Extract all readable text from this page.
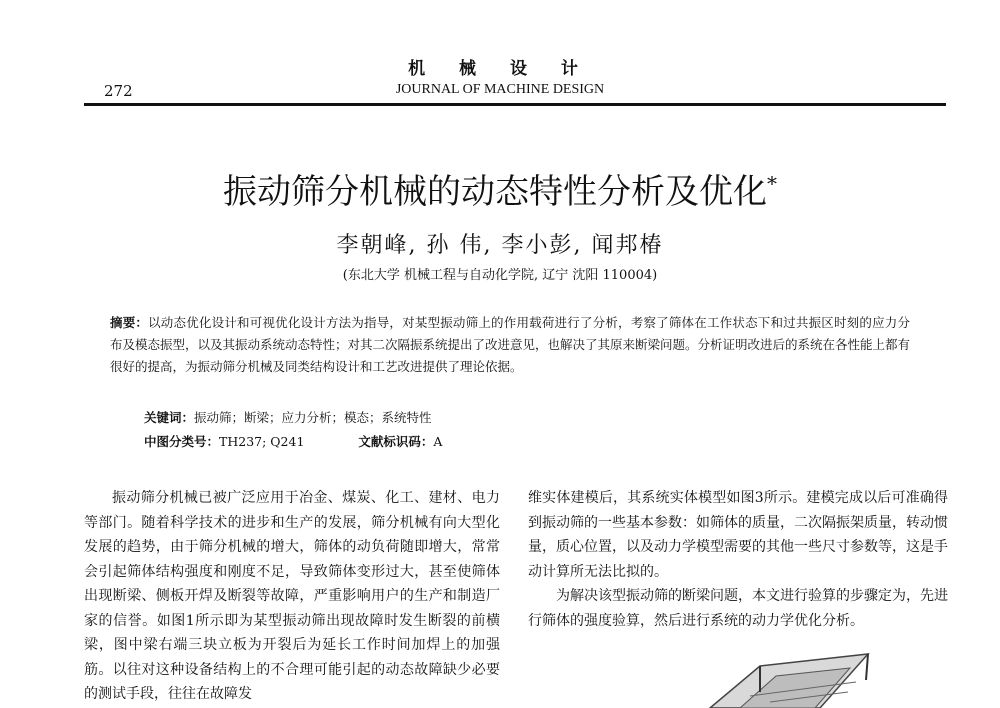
机 械 设 计
272	JOURNAL OF MACHINE DESIGN
振动筛分机械的动态特性分析及优化*
李朝峰, 孙 伟, 李小彭, 闻邦椿
(东北大学 机械工程与自动化学院, 辽宁 沈阳 110004)
摘要：以动态优化设计和可视优化设计方法为指导，对某型振动筛上的作用载荷进行了分析，考察了筛体在工作状态下和过共振区时刻的应力分布及模态振型，以及其振动系统动态特性；对其二次隔振系统提出了改进意见，也解决了其原来断梁问题。分析证明改进后的系统在各性能上都有很好的提高，为振动筛分机械及同类结构设计和工艺改进提供了理论依据。
关键词：振动筛；断梁；应力分析；模态；系统特性
中图分类号：TH237; Q241	文献标识码：A

振动筛分机械已被广泛应用于冶金、煤炭、化工、建材、电力等部门。随着科学技术的进步和生产的发展，筛分机械有向大型化发展的趋势，由于筛分机械的增大，筛体的动负荷随即增大，常常会引起筛体结构强度和刚度不足，导致筛体变形过大，甚至使筛体出现断梁、侧板开焊及断裂等故障，严重影响用户的生产和制造厂家的信誉。如图1所示即为某型振动筛出现故障时发生断裂的前横梁，图中梁右端三块立板为开裂后为延长工作时间加焊上的加强筋。以往对这种设备结构上的不合理可能引起的动态故障缺少必要的测试手段，往往在故障发

维实体建模后，其系统实体模型如图3所示。建模完成以后可准确得到振动筛的一些基本参数：如筛体的质量，二次隔振架质量，转动惯量，质心位置，以及动力学模型需要的其他一些尺寸参数等，这是手动计算所无法比拟的。

为解决该型振动筛的断梁问题，本文进行验算的步骤定为，先进行筛体的强度验算，然后进行系统的动力学优化分析。
